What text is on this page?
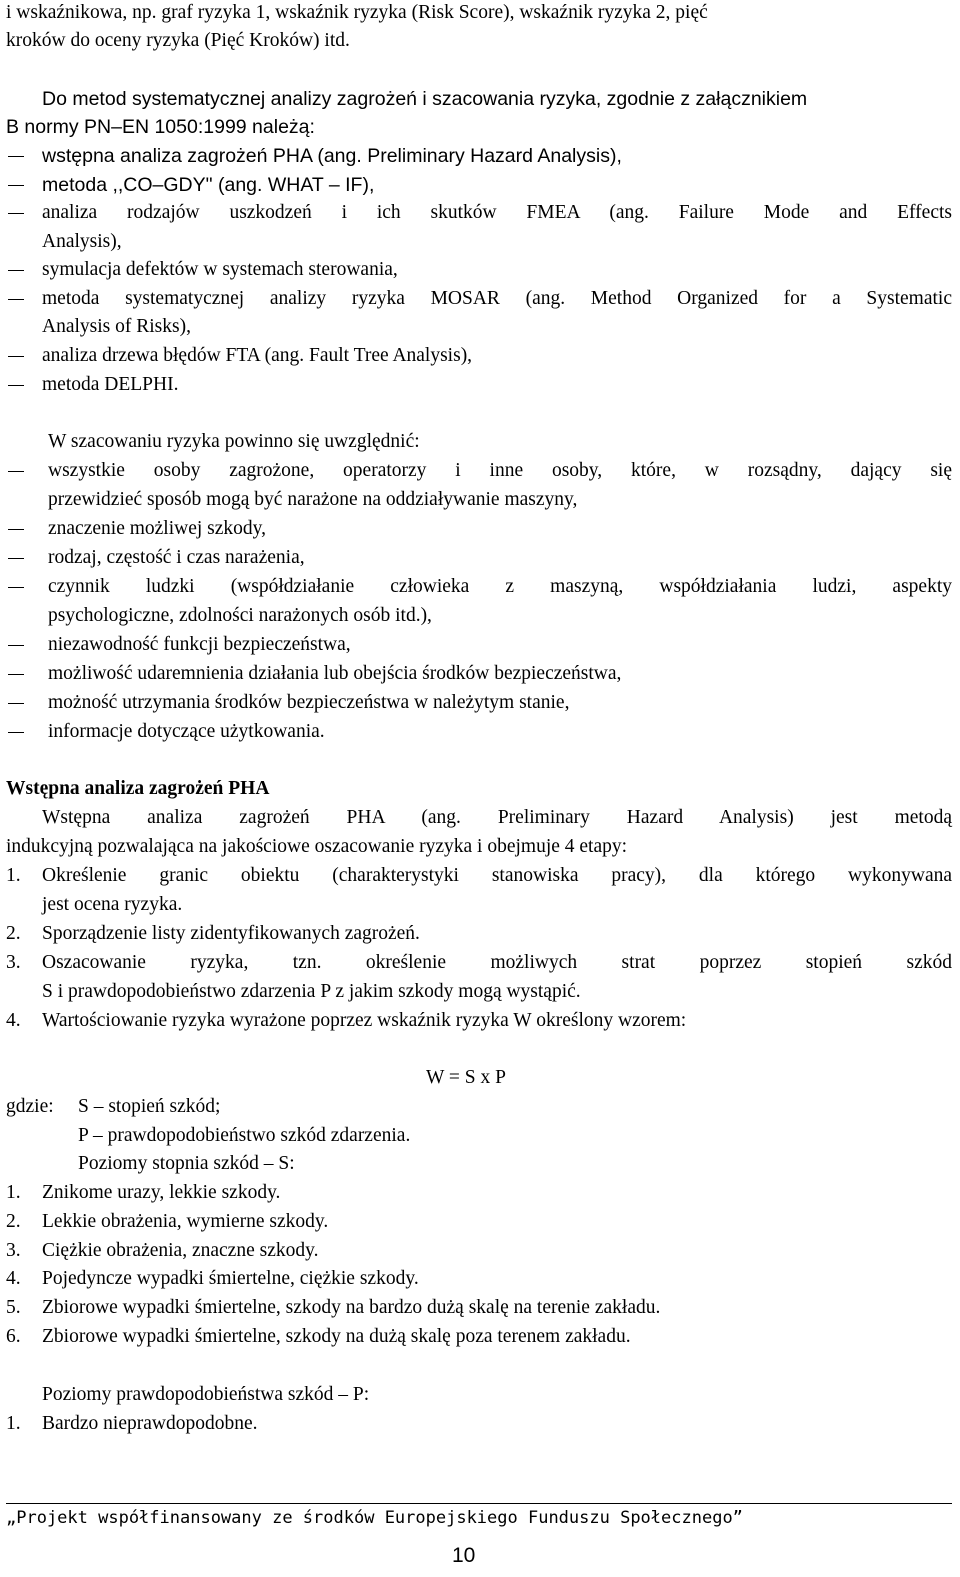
i wskaźnikowa, np. graf ryzyka 1, wskaźnik ryzyka (Risk Score), wskaźnik ryzyka 2, pięć
kroków do oceny ryzyka (Pięć Kroków) itd.
Do metod systematycznej analizy zagrożeń i szacowania ryzyka, zgodnie z załącznikiem
B normy PN–EN 1050:1999 należą:
wstępna analiza zagrożeń PHA (ang. Preliminary Hazard Analysis),
metoda ,,CO–GDY" (ang. WHAT – IF),
analiza rodzajów uszkodzeń i ich skutków FMEA (ang. Failure Mode and Effects
Analysis),
symulacja defektów w systemach sterowania,
metoda systematycznej analizy ryzyka MOSAR (ang. Method Organized for a Systematic
Analysis of Risks),
analiza drzewa błędów FTA (ang. Fault Tree Analysis),
metoda DELPHI.
W szacowaniu ryzyka powinno się uwzględnić:
wszystkie osoby zagrożone, operatorzy i inne osoby, które, w rozsądny, dający się
przewidzieć sposób mogą być narażone na oddziaływanie maszyny,
znaczenie możliwej szkody,
rodzaj, częstość i czas narażenia,
czynnik ludzki (współdziałanie człowieka z maszyną, współdziałania ludzi, aspekty
psychologiczne, zdolności narażonych osób itd.),
niezawodność funkcji bezpieczeństwa,
możliwość udaremnienia działania lub obejścia środków bezpieczeństwa,
możność utrzymania środków bezpieczeństwa w należytym stanie,
informacje dotyczące użytkowania.
Wstępna analiza zagrożeń PHA
Wstępna analiza zagrożeń PHA (ang. Preliminary Hazard Analysis) jest metodą
indukcyjną pozwalająca na jakościowe oszacowanie ryzyka i obejmuje 4 etapy:
1. Określenie granic obiektu (charakterystyki stanowiska pracy), dla którego wykonywana
jest ocena ryzyka.
2. Sporządzenie listy zidentyfikowanych zagrożeń.
3. Oszacowanie ryzyka, tzn. określenie możliwych strat poprzez stopień szkód
S i prawdopodobieństwo zdarzenia P z jakim szkody mogą wystąpić.
4. Wartościowanie ryzyka wyrażone poprzez wskaźnik ryzyka W określony wzorem:
W = S x P
gdzie: S – stopień szkód;
P – prawdopodobieństwo szkód zdarzenia.
Poziomy stopnia szkód – S:
1. Znikome urazy, lekkie szkody.
2. Lekkie obrażenia, wymierne szkody.
3. Ciężkie obrażenia, znaczne szkody.
4. Pojedyncze wypadki śmiertelne, ciężkie szkody.
5. Zbiorowe wypadki śmiertelne, szkody na bardzo dużą skalę na terenie zakładu.
6. Zbiorowe wypadki śmiertelne, szkody na dużą skalę poza terenem zakładu.
Poziomy prawdopodobieństwa szkód – P:
1. Bardzo nieprawdopodobne.
„Projekt współfinansowany ze środków Europejskiego Funduszu Społecznego”
10
